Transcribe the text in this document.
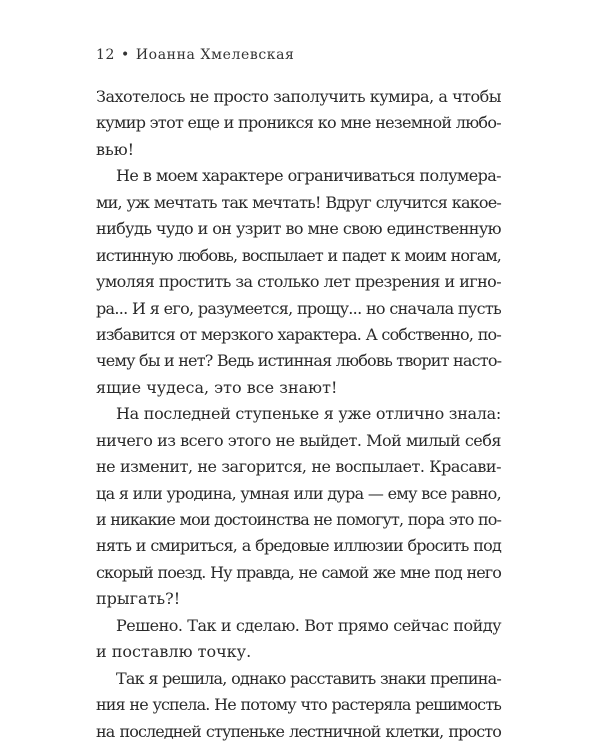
12 • Иоанна Хмелевская
Захотелось не просто заполучить кумира, а чтобы
кумир этот еще и проникся ко мне неземной любо-
вью!
Не в моем характере ограничиваться полумера-
ми, уж мечтать так мечтать! Вдруг случится какое-
нибудь чудо и он узрит во мне свою единственную
истинную любовь, воспылает и падет к моим ногам,
умоляя простить за столько лет презрения и игно-
ра... И я его, разумеется, прощу... но сначала пусть
избавится от мерзкого характера. А собственно, по-
чему бы и нет? Ведь истинная любовь творит насто-
ящие чудеса, это все знают!
На последней ступеньке я уже отлично знала:
ничего из всего этого не выйдет. Мой милый себя
не изменит, не загорится, не воспылает. Красави-
ца я или уродина, умная или дура — ему все равно,
и никакие мои достоинства не помогут, пора это по-
нять и смириться, а бредовые иллюзии бросить под
скорый поезд. Ну правда, не самой же мне под него
прыгать?!
Решено. Так и сделаю. Вот прямо сейчас пойду
и поставлю точку.
Так я решила, однако расставить знаки препина-
ния не успела. Не потому что растеряла решимость
на последней ступеньке лестничной клетки, просто
